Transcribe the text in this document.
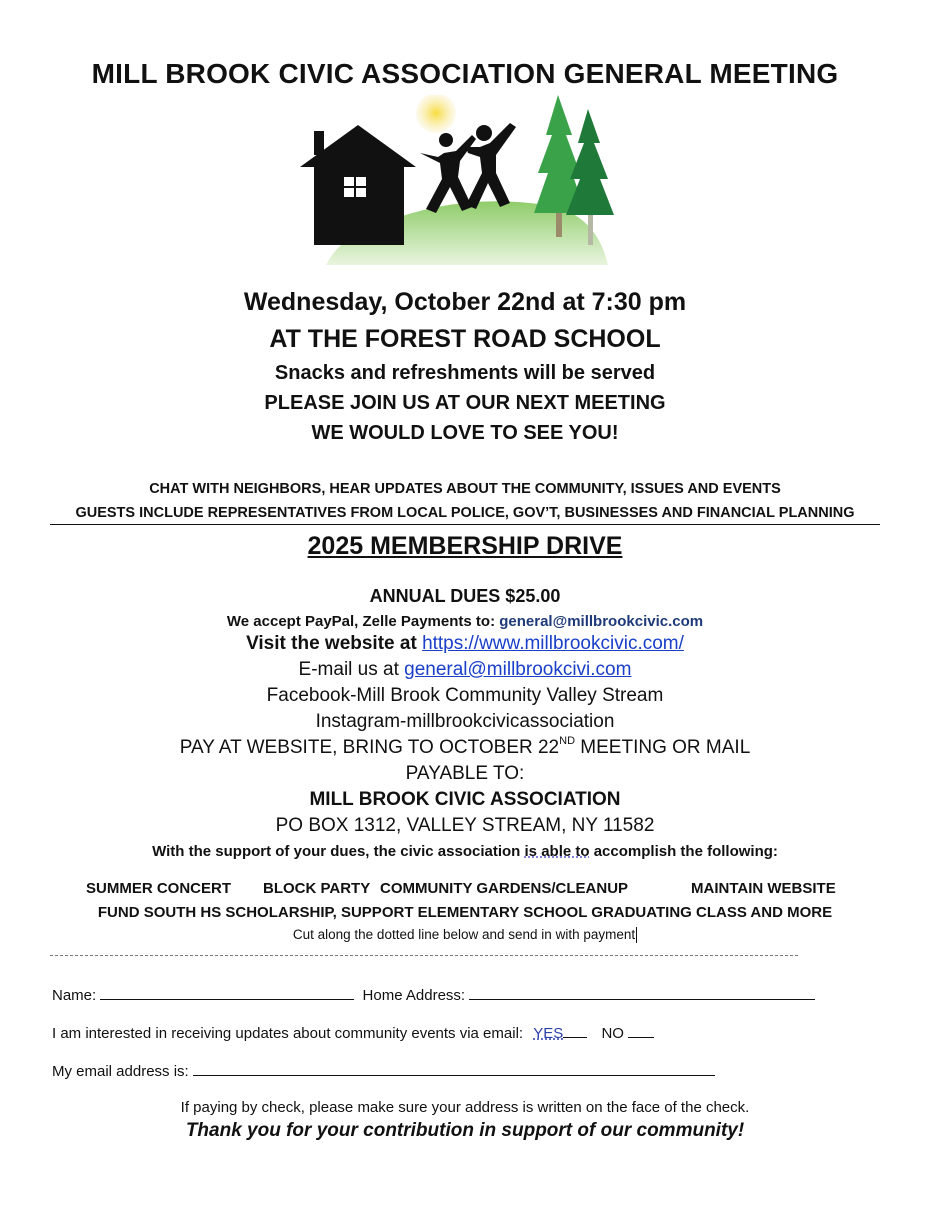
MILL BROOK CIVIC ASSOCIATION GENERAL MEETING
Wednesday, October 22nd at 7:30 pm
AT THE FOREST ROAD SCHOOL
Snacks and refreshments will be served
PLEASE JOIN US AT OUR NEXT MEETING
WE WOULD LOVE TO SEE YOU!
CHAT WITH NEIGHBORS, HEAR UPDATES ABOUT THE COMMUNITY, ISSUES AND EVENTS
GUESTS INCLUDE REPRESENTATIVES FROM LOCAL POLICE, GOV’T, BUSINESSES AND FINANCIAL PLANNING
2025 MEMBERSHIP DRIVE
ANNUAL DUES $25.00
We accept PayPal, Zelle Payments to: general@millbrookcivic.com
Visit the website at https://www.millbrookcivic.com/
E-mail us at general@millbrookcivi.com
Facebook-Mill Brook Community Valley Stream
Instagram-millbrookcivicassociation
PAY AT WEBSITE, BRING TO OCTOBER 22ND MEETING OR MAIL
PAYABLE TO:
MILL BROOK CIVIC ASSOCIATION
PO BOX 1312, VALLEY STREAM, NY 11582
With the support of your dues, the civic association is able to accomplish the following:
SUMMER CONCERT BLOCK PARTY COMMUNITY GARDENS/CLEANUP	MAINTAIN WEBSITE
FUND SOUTH HS SCHOLARSHIP, SUPPORT ELEMENTARY SCHOOL GRADUATING CLASS AND MORE
Cut along the dotted line below and send in with payment
Name:	Home Address:
I am interested in receiving updates about community events via email: YES	NO
My email address is:
If paying by check, please make sure your address is written on the face of the check.
Thank you for your contribution in support of our community!
